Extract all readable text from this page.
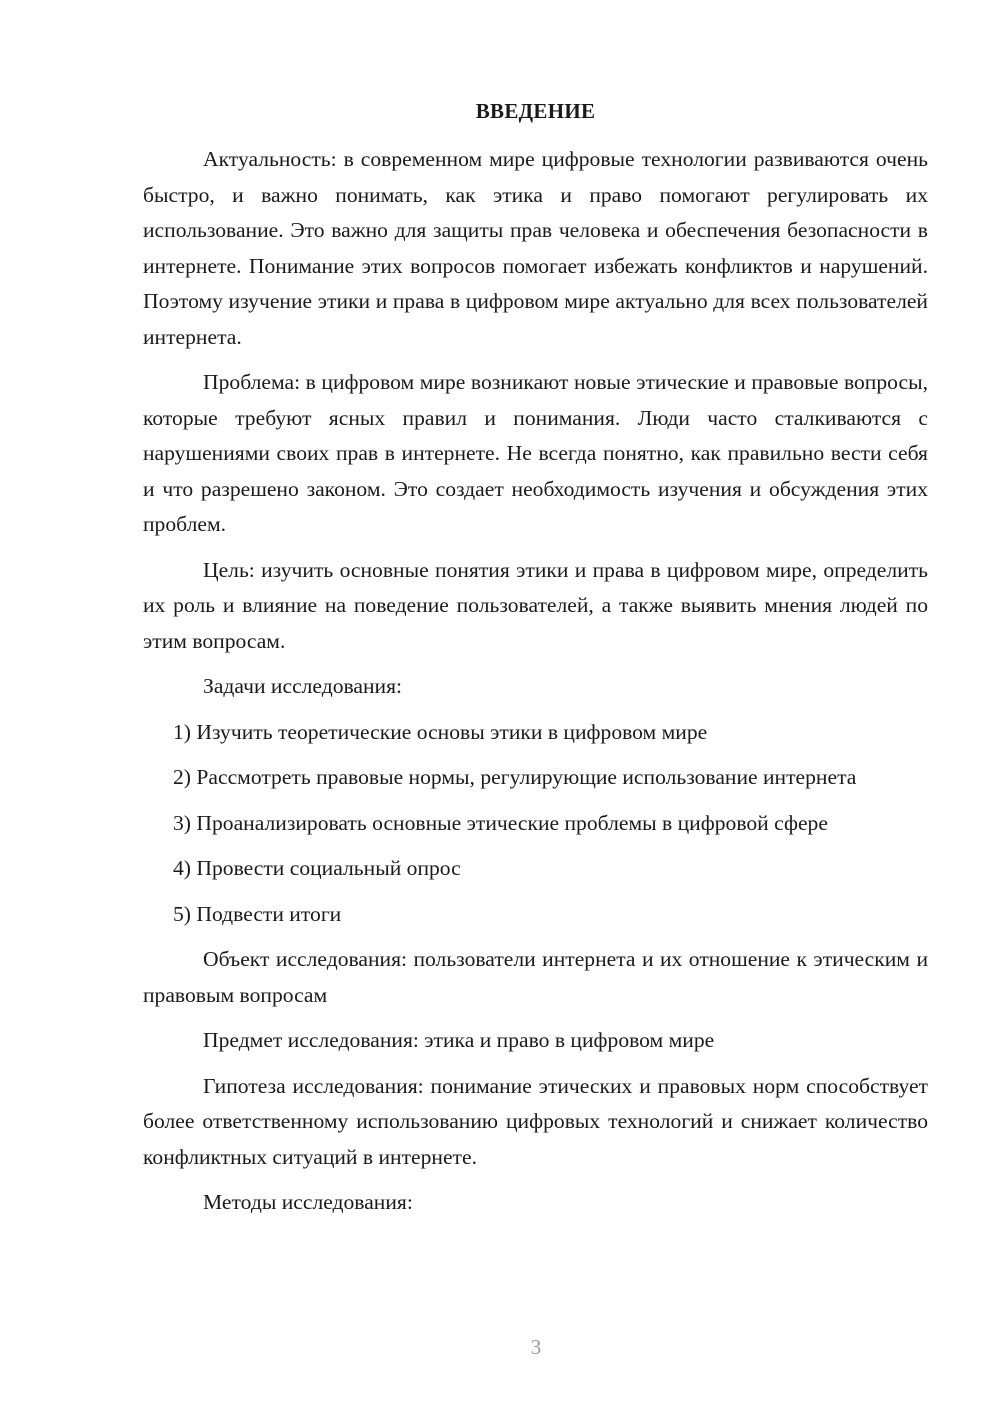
ВВЕДЕНИЕ

Актуальность: в современном мире цифровые технологии развиваются очень быстро, и важно понимать, как этика и право помогают регулировать их использование. Это важно для защиты прав человека и обеспечения безопасности в интернете. Понимание этих вопросов помогает избежать конфликтов и нарушений. Поэтому изучение этики и права в цифровом мире актуально для всех пользователей интернета.

Проблема: в цифровом мире возникают новые этические и правовые вопросы, которые требуют ясных правил и понимания. Люди часто сталкиваются с нарушениями своих прав в интернете. Не всегда понятно, как правильно вести себя и что разрешено законом. Это создает необходимость изучения и обсуждения этих проблем.

Цель: изучить основные понятия этики и права в цифровом мире, определить их роль и влияние на поведение пользователей, а также выявить мнения людей по этим вопросам.

Задачи исследования:

1) Изучить теоретические основы этики в цифровом мире

2) Рассмотреть правовые нормы, регулирующие использование интернета

3) Проанализировать основные этические проблемы в цифровой сфере

4) Провести социальный опрос

5) Подвести итоги

Объект исследования: пользователи интернета и их отношение к этическим и правовым вопросам

Предмет исследования: этика и право в цифровом мире

Гипотеза исследования: понимание этических и правовых норм способствует более ответственному использованию цифровых технологий и снижает количество конфликтных ситуаций в интернете.

Методы исследования:

3
